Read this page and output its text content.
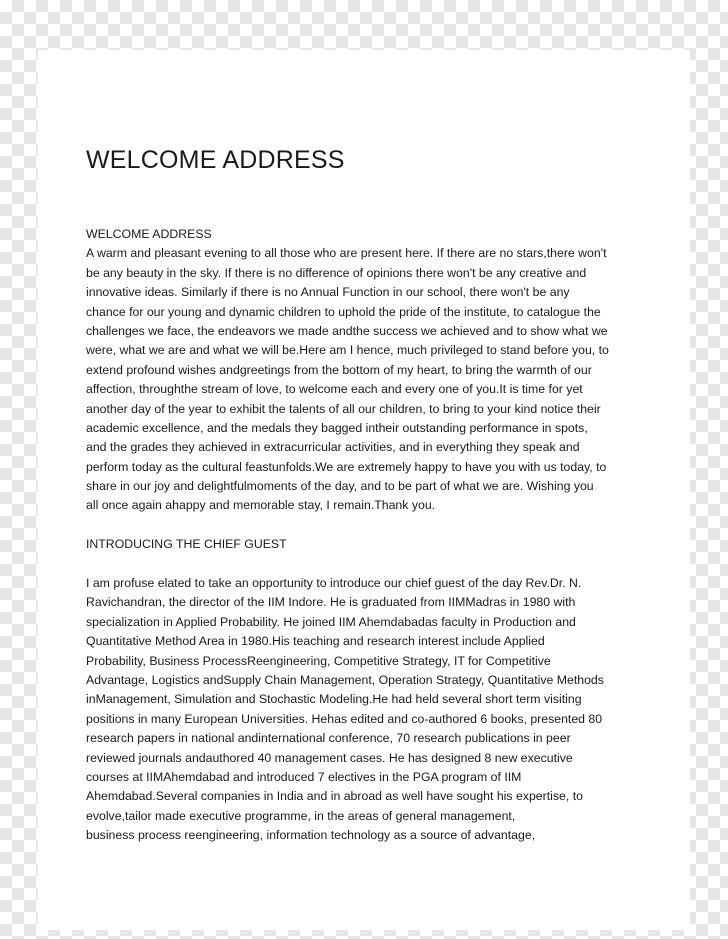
WELCOME ADDRESS
WELCOME ADDRESS
A warm and pleasant evening to all those who are present here. If there are no stars,there won't
be any beauty in the sky. If there is no difference of opinions there won't be any creative and
innovative ideas. Similarly if there is no Annual Function in our school, there won't be any
chance for our young and dynamic children to uphold the pride of the institute, to catalogue the
challenges we face, the endeavors we made andthe success we achieved and to show what we
were, what we are and what we will be.Here am I hence, much privileged to stand before you, to
extend profound wishes andgreetings from the bottom of my heart, to bring the warmth of our
affection, throughthe stream of love, to welcome each and every one of you.It is time for yet
another day of the year to exhibit the talents of all our children, to bring to your kind notice their
academic excellence, and the medals they bagged intheir outstanding performance in spots,
and the grades they achieved in extracurricular activities, and in everything they speak and
perform today as the cultural feastunfolds.We are extremely happy to have you with us today, to
share in our joy and delightfulmoments of the day, and to be part of what we are. Wishing you
all once again ahappy and memorable stay, I remain.Thank you.
INTRODUCING THE CHIEF GUEST
I am profuse elated to take an opportunity to introduce our chief guest of the day Rev.Dr. N.
Ravichandran, the director of the IIM Indore. He is graduated from IIMMadras in 1980 with
specialization in Applied Probability. He joined IIM Ahemdabadas faculty in Production and
Quantitative Method Area in 1980.His teaching and research interest include Applied
Probability, Business ProcessReengineering, Competitive Strategy, IT for Competitive
Advantage, Logistics andSupply Chain Management, Operation Strategy, Quantitative Methods
inManagement, Simulation and Stochastic Modeling.He had held several short term visiting
positions in many European Universities. Hehas edited and co-authored 6 books, presented 80
research papers in national andinternational conference, 70 research publications in peer
reviewed journals andauthored 40 management cases. He has designed 8 new executive
courses at IIMAhemdabad and introduced 7 electives in the PGA program of IIM
Ahemdabad.Several companies in India and in abroad as well have sought his expertise, to
evolve,tailor made executive programme, in the areas of general management,
business process reengineering, information technology as a source of advantage,
